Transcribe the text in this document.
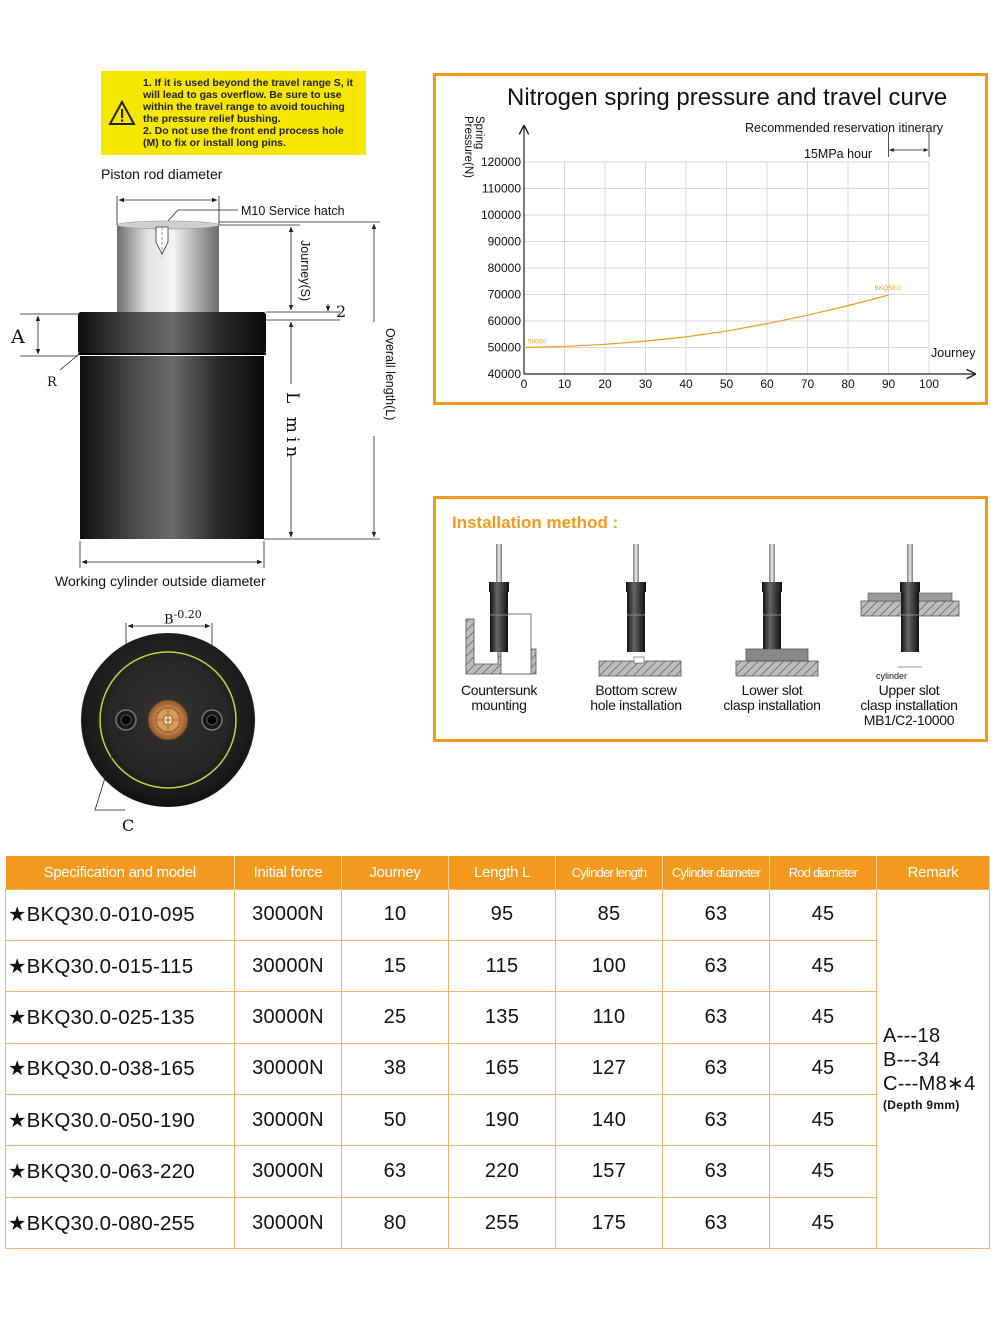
1. If it is used beyond the travel range S, it
will lead to gas overflow. Be sure to use
within the travel range to avoid touching
the pressure relief bushing.
2. Do not use the front end process hole
(M) to fix or install long pins.
Piston rod diameter
M10 Service hatch
A
R
Journey(S)
2
L min
Overall length(L)
Working cylinder outside diameter
$B^{-0.20}$
C
Nitrogen spring pressure and travel curve
0	10 20 30 40 50 60 70 80 90 100
40000
50000
60000
70000
80000
90000
100000
110000
120000
50000
BKQ50.0
Spring Pressure(N)	Recommended reservation itinerary
15MPa hour
Journey
Installation method :
cylinder
Countersunk
mounting
Bottom screw
hole installation
Lower slot
clasp installation
Upper slot
clasp installation
MB1/C2-10000
Specification and model	Initial force	Journey	Length L	Cylinder length	Cylinder diameter	Rod diameter	Remark
★BKQ30.0-010-095	30000N	10	95	85	63	45	A---18
B---34
C---M8∗4
(Depth 9mm)

★BKQ30.0-015-115	30000N	15	115	100	63	45	
★BKQ30.0-025-135	30000N	25	135	110	63	45	
★BKQ30.0-038-165	30000N	38	165	127	63	45	
★BKQ30.0-050-190	30000N	50	190	140	63	45	
★BKQ30.0-063-220	30000N	63	220	157	63	45	
★BKQ30.0-080-255	30000N	80	255	175	63	45	
